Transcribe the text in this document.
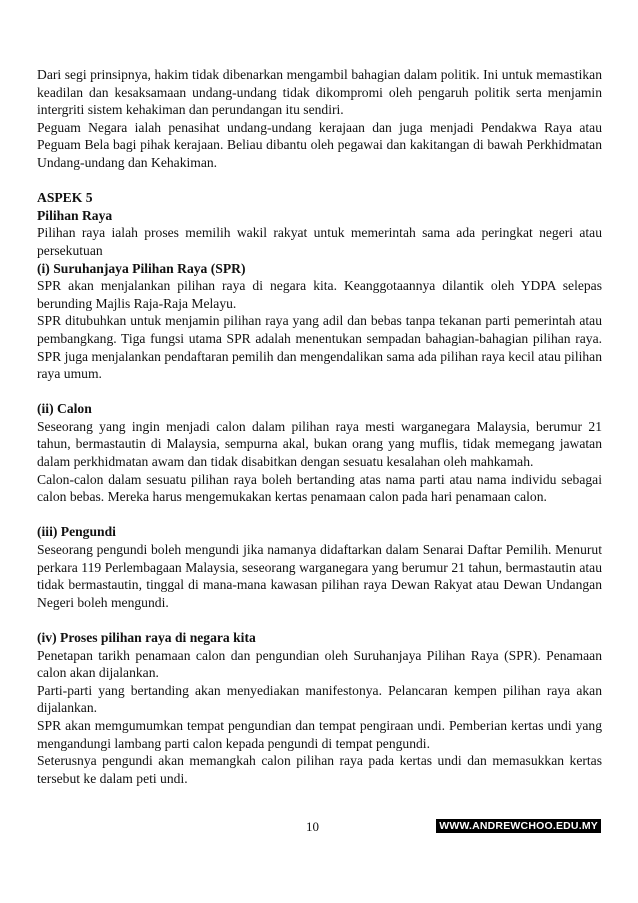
Dari segi prinsipnya, hakim tidak dibenarkan mengambil bahagian dalam politik. Ini untuk memastikan keadilan dan kesaksamaan undang-undang tidak dikompromi oleh pengaruh politik serta menjamin intergriti sistem kehakiman dan perundangan itu sendiri.

Peguam Negara ialah penasihat undang-undang kerajaan dan juga menjadi Pendakwa Raya atau Peguam Bela bagi pihak kerajaan. Beliau dibantu oleh pegawai dan kakitangan di bawah Perkhidmatan Undang-undang dan Kehakiman.

ASPEK 5

Pilihan Raya

Pilihan raya ialah proses memilih wakil rakyat untuk memerintah sama ada peringkat negeri atau persekutuan

(i) Suruhanjaya Pilihan Raya (SPR)

SPR akan menjalankan pilihan raya di negara kita. Keanggotaannya dilantik oleh YDPA selepas berunding Majlis Raja-Raja Melayu.

SPR ditubuhkan untuk menjamin pilihan raya yang adil dan bebas tanpa tekanan parti pemerintah atau pembangkang. Tiga fungsi utama SPR adalah menentukan sempadan bahagian-bahagian pilihan raya. SPR juga menjalankan pendaftaran pemilih dan mengendalikan sama ada pilihan raya kecil atau pilihan raya umum.

(ii) Calon

Seseorang yang ingin menjadi calon dalam pilihan raya mesti warganegara Malaysia, berumur 21 tahun, bermastautin di Malaysia, sempurna akal, bukan orang yang muflis, tidak memegang jawatan dalam perkhidmatan awam dan tidak disabitkan dengan sesuatu kesalahan oleh mahkamah.

Calon-calon dalam sesuatu pilihan raya boleh bertanding atas nama parti atau nama individu sebagai calon bebas. Mereka harus mengemukakan kertas penamaan calon pada hari penamaan calon.

(iii) Pengundi

Seseorang pengundi boleh mengundi jika namanya didaftarkan dalam Senarai Daftar Pemilih. Menurut perkara 119 Perlembagaan Malaysia, seseorang warganegara yang berumur 21 tahun, bermastautin atau tidak bermastautin, tinggal di mana-mana kawasan pilihan raya Dewan Rakyat atau Dewan Undangan Negeri boleh mengundi.

(iv) Proses pilihan raya di negara kita

Penetapan tarikh penamaan calon dan pengundian oleh Suruhanjaya Pilihan Raya (SPR). Penamaan calon akan dijalankan.

Parti-parti yang bertanding akan menyediakan manifestonya. Pelancaran kempen pilihan raya akan dijalankan.

SPR akan memgumumkan tempat pengundian dan tempat pengiraan undi. Pemberian kertas undi yang mengandungi lambang parti calon kepada pengundi di tempat pengundi.

Seterusnya pengundi akan memangkah calon pilihan raya pada kertas undi dan memasukkan kertas tersebut ke dalam peti undi.

10	WWW.ANDREWCHOO.EDU.MY
